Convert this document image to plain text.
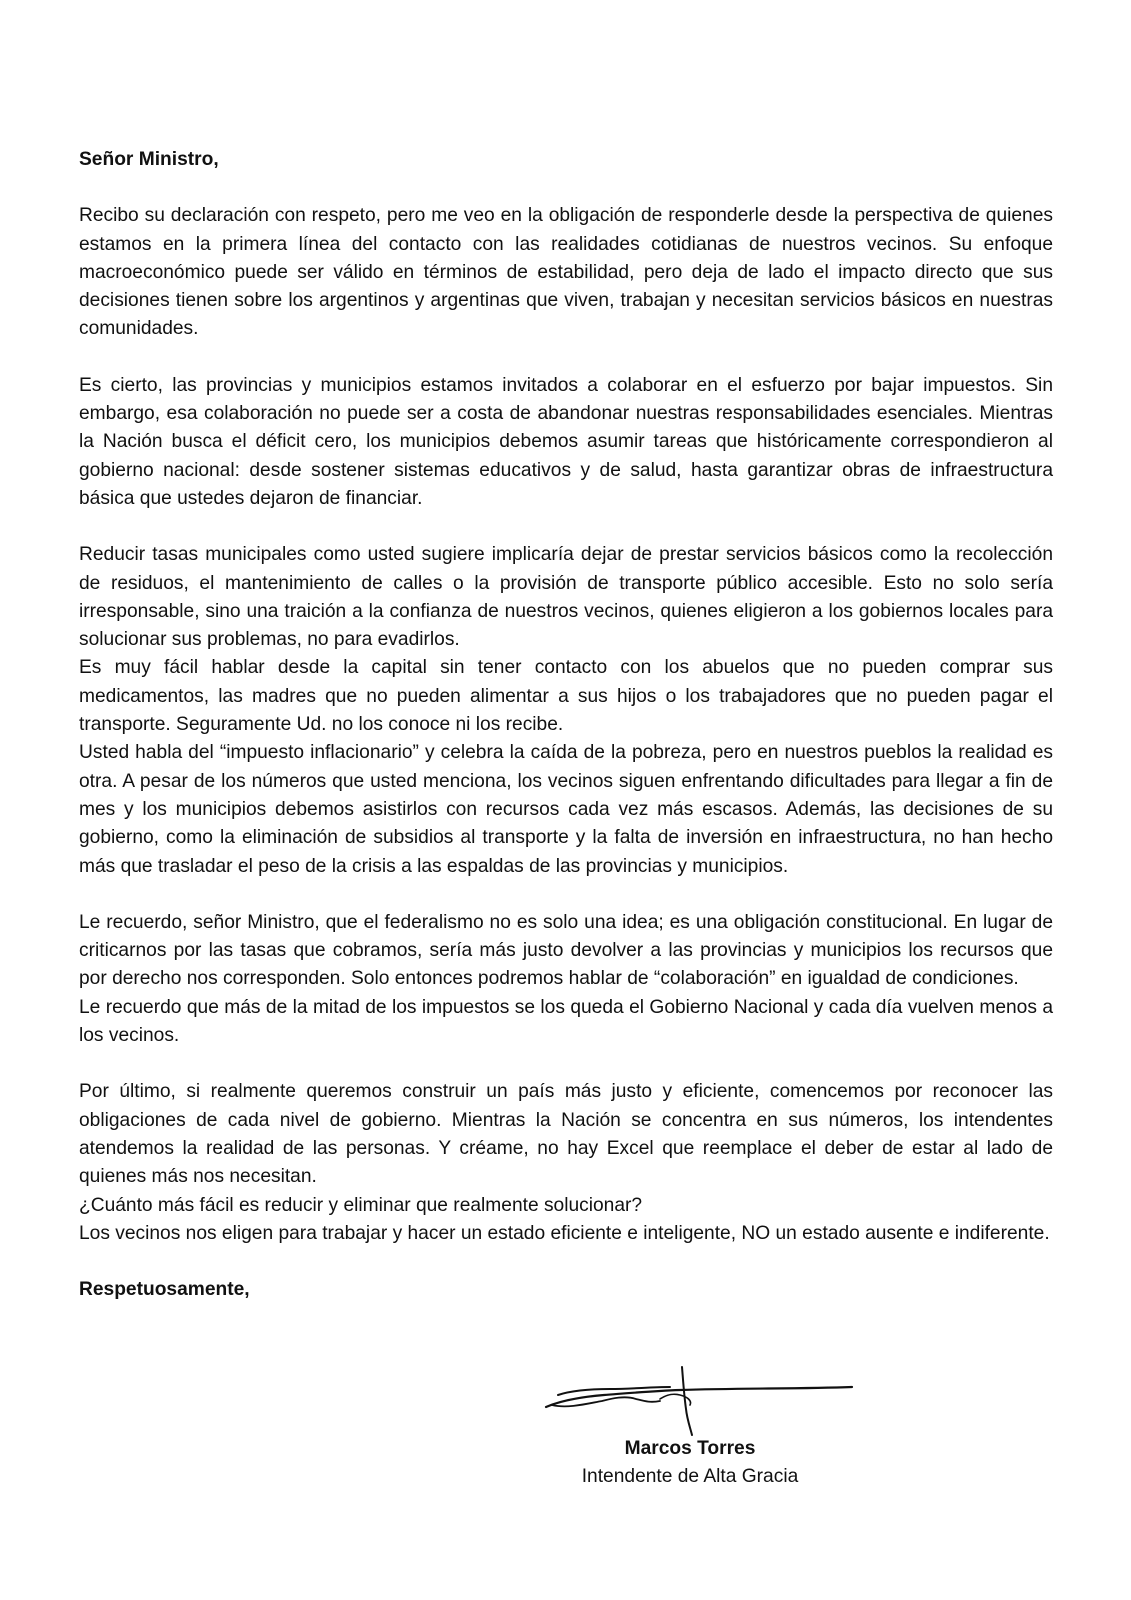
Señor Ministro,

Recibo su declaración con respeto, pero me veo en la obligación de responderle desde la perspectiva de quienes estamos en la primera línea del contacto con las realidades cotidianas de nuestros vecinos. Su enfoque macroeconómico puede ser válido en términos de estabilidad, pero deja de lado el impacto directo que sus decisiones tienen sobre los argentinos y argentinas que viven, trabajan y necesitan servicios básicos en nuestras comunidades.
Es cierto, las provincias y municipios estamos invitados a colaborar en el esfuerzo por bajar impuestos. Sin embargo, esa colaboración no puede ser a costa de abandonar nuestras responsabilidades esenciales. Mientras la Nación busca el déficit cero, los municipios debemos asumir tareas que históricamente correspondieron al gobierno nacional: desde sostener sistemas educativos y de salud, hasta garantizar obras de infraestructura básica que ustedes dejaron de financiar.
Reducir tasas municipales como usted sugiere implicaría dejar de prestar servicios básicos como la recolección de residuos, el mantenimiento de calles o la provisión de transporte público accesible. Esto no solo sería irresponsable, sino una traición a la confianza de nuestros vecinos, quienes eligieron a los gobiernos locales para solucionar sus problemas, no para evadirlos.
Es muy fácil hablar desde la capital sin tener contacto con los abuelos que no pueden comprar sus medicamentos, las madres que no pueden alimentar a sus hijos o los trabajadores que no pueden pagar el transporte. Seguramente Ud. no los conoce ni los recibe.
Usted habla del “impuesto inflacionario” y celebra la caída de la pobreza, pero en nuestros pueblos la realidad es otra. A pesar de los números que usted menciona, los vecinos siguen enfrentando dificultades para llegar a fin de mes y los municipios debemos asistirlos con recursos cada vez más escasos. Además, las decisiones de su gobierno, como la eliminación de subsidios al transporte y la falta de inversión en infraestructura, no han hecho más que trasladar el peso de la crisis a las espaldas de las provincias y municipios.
Le recuerdo, señor Ministro, que el federalismo no es solo una idea; es una obligación constitucional. En lugar de criticarnos por las tasas que cobramos, sería más justo devolver a las provincias y municipios los recursos que por derecho nos corresponden. Solo entonces podremos hablar de “colaboración” en igualdad de condiciones.
Le recuerdo que más de la mitad de los impuestos se los queda el Gobierno Nacional y cada día vuelven menos a los vecinos.
Por último, si realmente queremos construir un país más justo y eficiente, comencemos por reconocer las obligaciones de cada nivel de gobierno. Mientras la Nación se concentra en sus números, los intendentes atendemos la realidad de las personas. Y créame, no hay Excel que reemplace el deber de estar al lado de quienes más nos necesitan.
¿Cuánto más fácil es reducir y eliminar que realmente solucionar?
Los vecinos nos eligen para trabajar y hacer un estado eficiente e inteligente, NO un estado ausente e indiferente.

Respetuosamente,

Marcos Torres
Intendente de Alta Gracia
